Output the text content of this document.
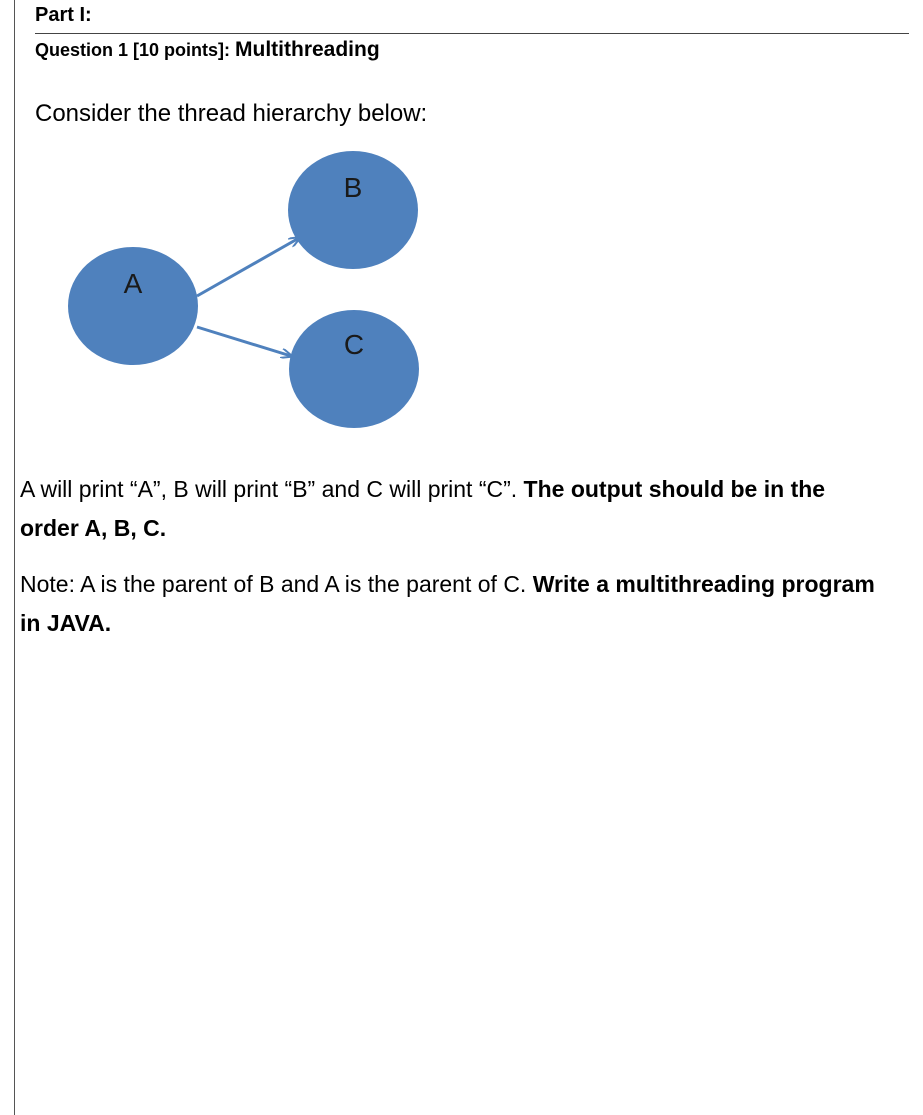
Part I:
Question 1 [10 points]: Multithreading
Consider the thread hierarchy below:
B
A
C
A will print “A”, B will print “B” and C will print “C”. The output should be in the order A, B, C.
Note: A is the parent of B and A is the parent of C. Write a multithreading program in JAVA.
